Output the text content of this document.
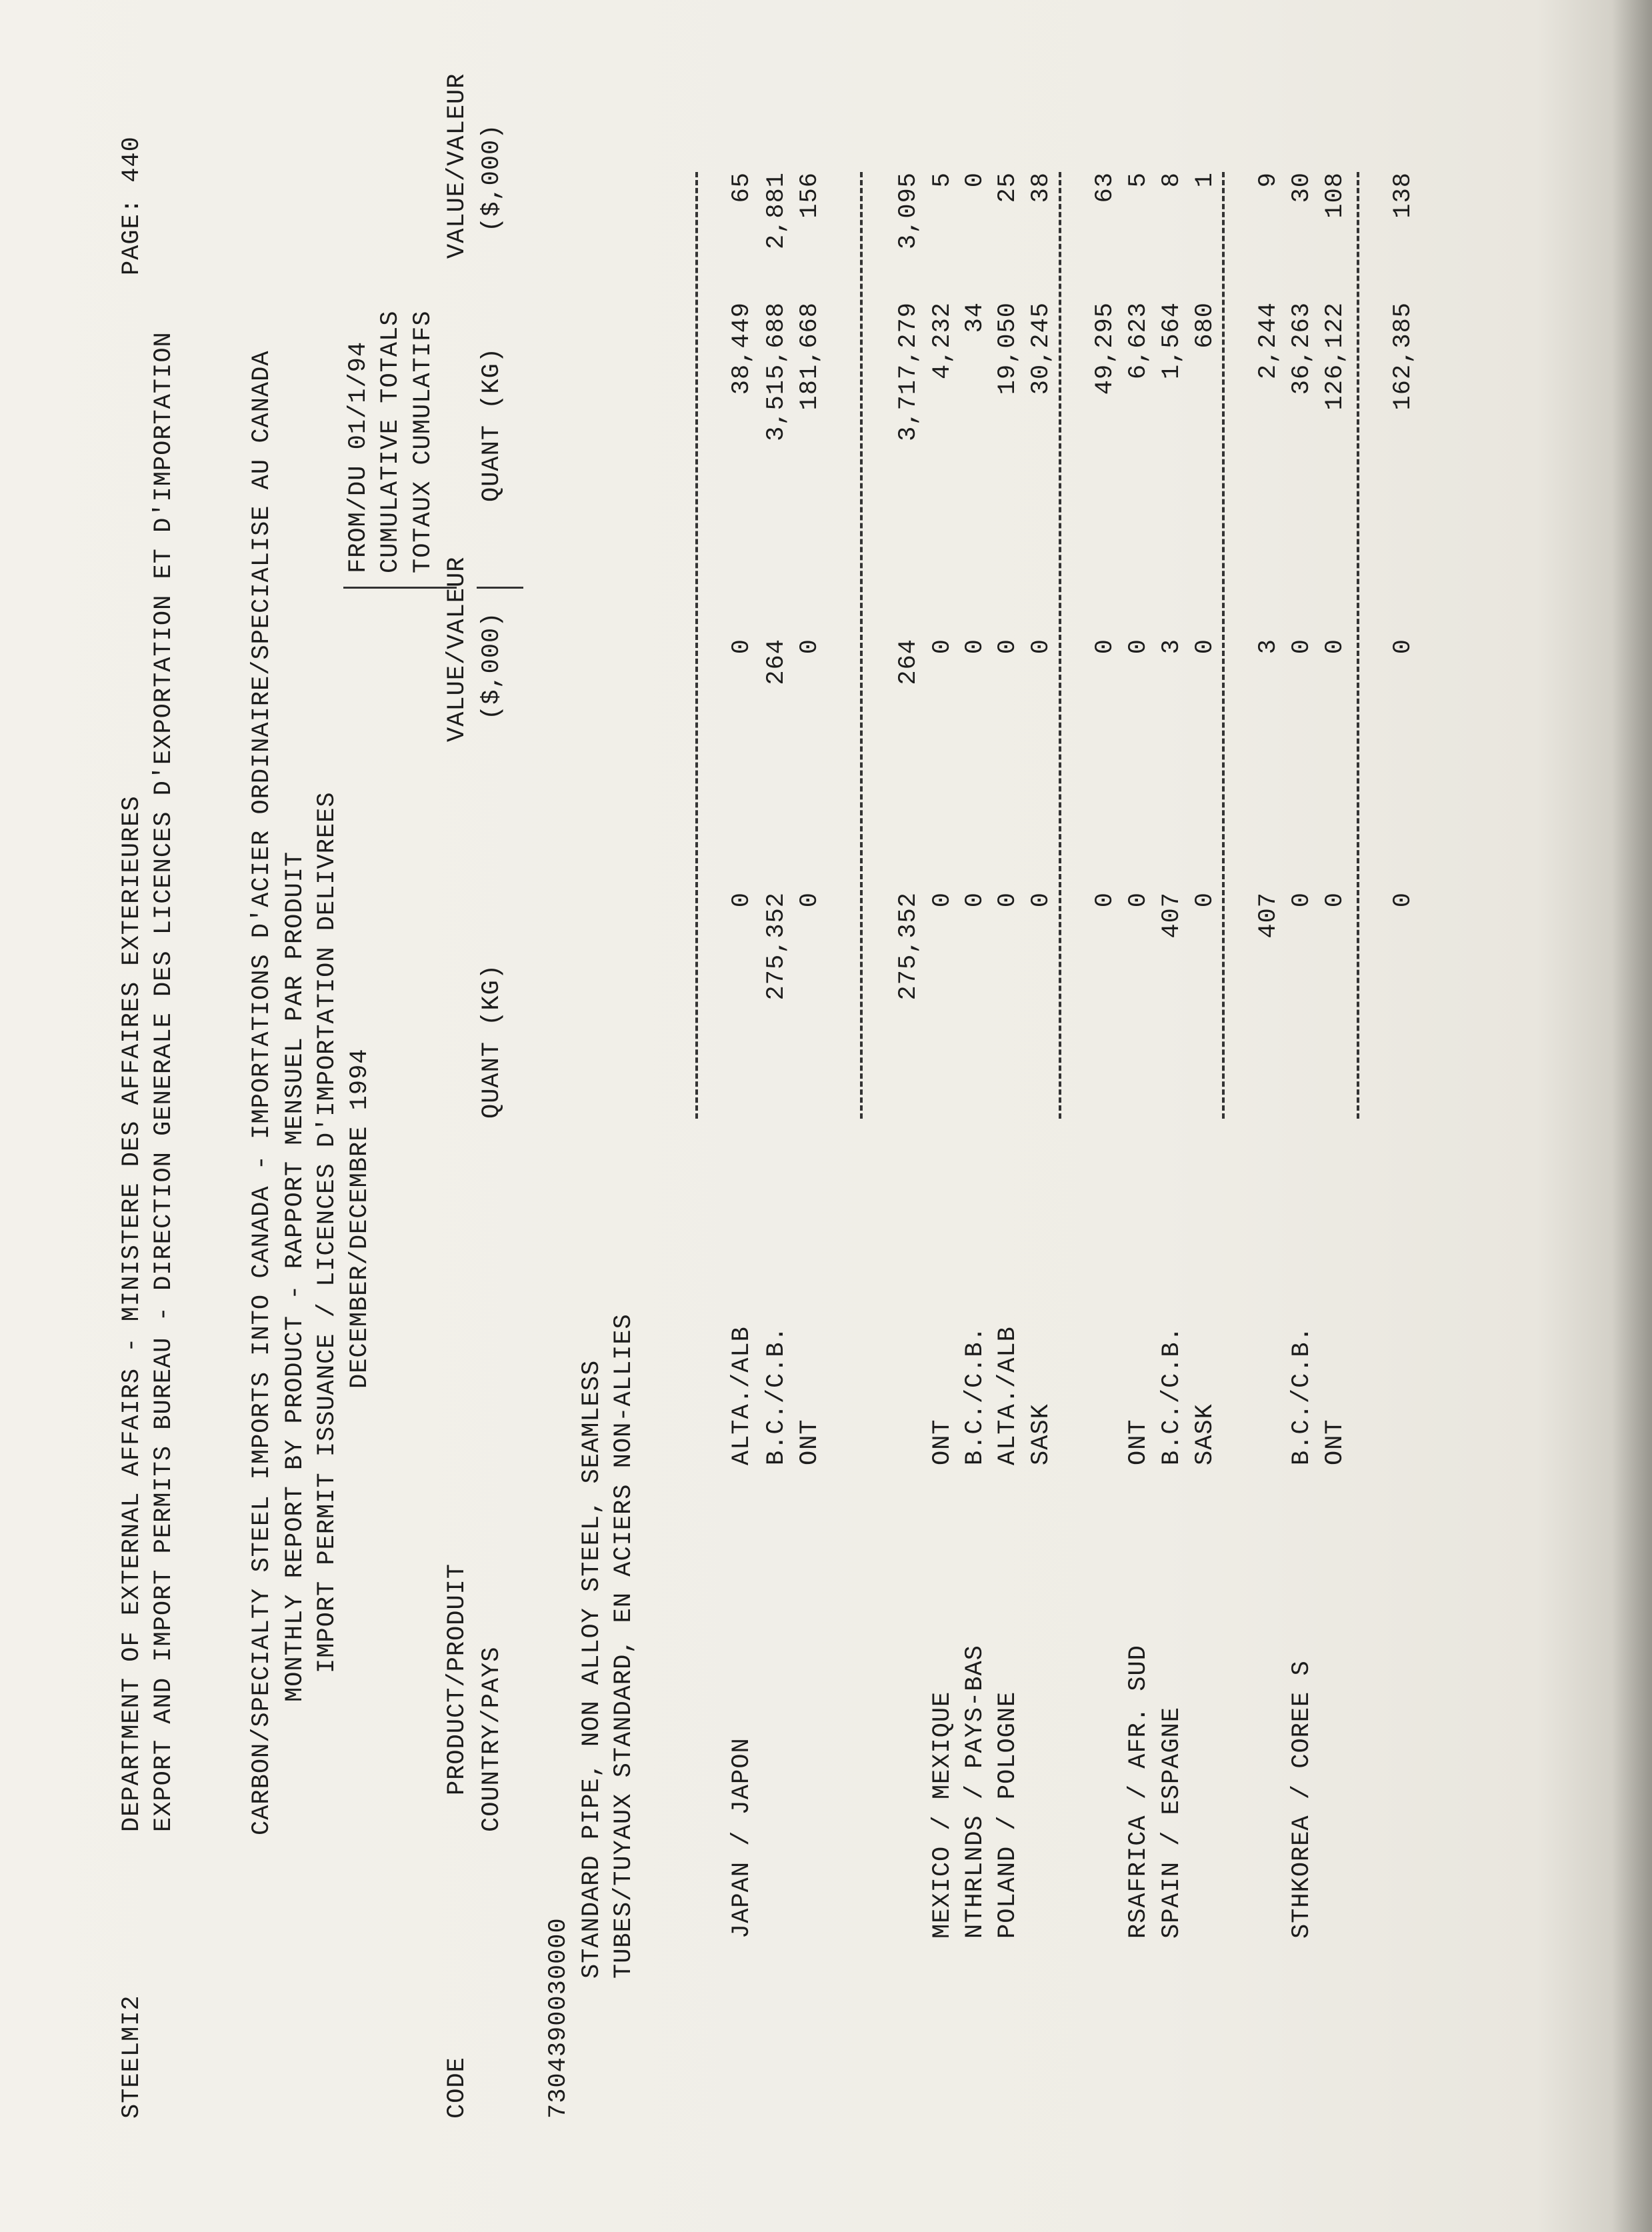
STEELMI2
DEPARTMENT OF EXTERNAL AFFAIRS - MINISTERE DES AFFAIRES EXTERIEURES
PAGE: 440
EXPORT AND IMPORT PERMITS BUREAU - DIRECTION GENERALE DES LICENCES D'EXPORTATION ET D'IMPORTATION	CARBON/SPECIALTY STEEL IMPORTS INTO CANADA - IMPORTATIONS D'ACIER ORDINAIRE/SPECIALISE AU CANADA MONTHLY REPORT BY PRODUCT - RAPPORT MENSUEL PAR PRODUIT IMPORT PERMIT ISSUANCE / LICENCES D'IMPORTATION DELIVREES DECEMBER/DECEMBRE 1994
FROM/DU 01/1/94 CUMULATIVE TOTALS TOTAUX CUMULATIFS
VALUE/VALEUR
VALUE/VALEUR
CODE
PRODUCT/PRODUIT COUNTRY/PAYS
QUANT (KG)
($,000)
QUANT (KG)
($,000)
7304390030000
STANDARD PIPE, NON ALLOY STEEL, SEAMLESS TUBES/TUYAUX STANDARD, EN ACIERS NON-ALLIES	JAPAN / JAPON
ALTA./ALB
0
0
38,449
65
B.C./C.B.
275,352
264
3,515,688
2,881
ONT
0
0
181,668
156
275,352
264
3,717,279
3,095
MEXICO / MEXIQUE
ONT
0
0
4,232
5
NTHRLNDS / PAYS-BAS
B.C./C.B.
0
0
34
0
POLAND / POLOGNE
ALTA./ALB
0
0
19,050
25
SASK
0
0
30,245
38
0
0
49,295
63
RSAFRICA / AFR. SUD
ONT
0
0
6,623
5
SPAIN / ESPAGNE
B.C./C.B.
407
3
1,564
8
SASK
0
0
680
1
407
3
2,244
9
STHKOREA / COREE S
B.C./C.B.
0
0
36,263
30
ONT
0
0
126,122
108
0
0
162,385
138
